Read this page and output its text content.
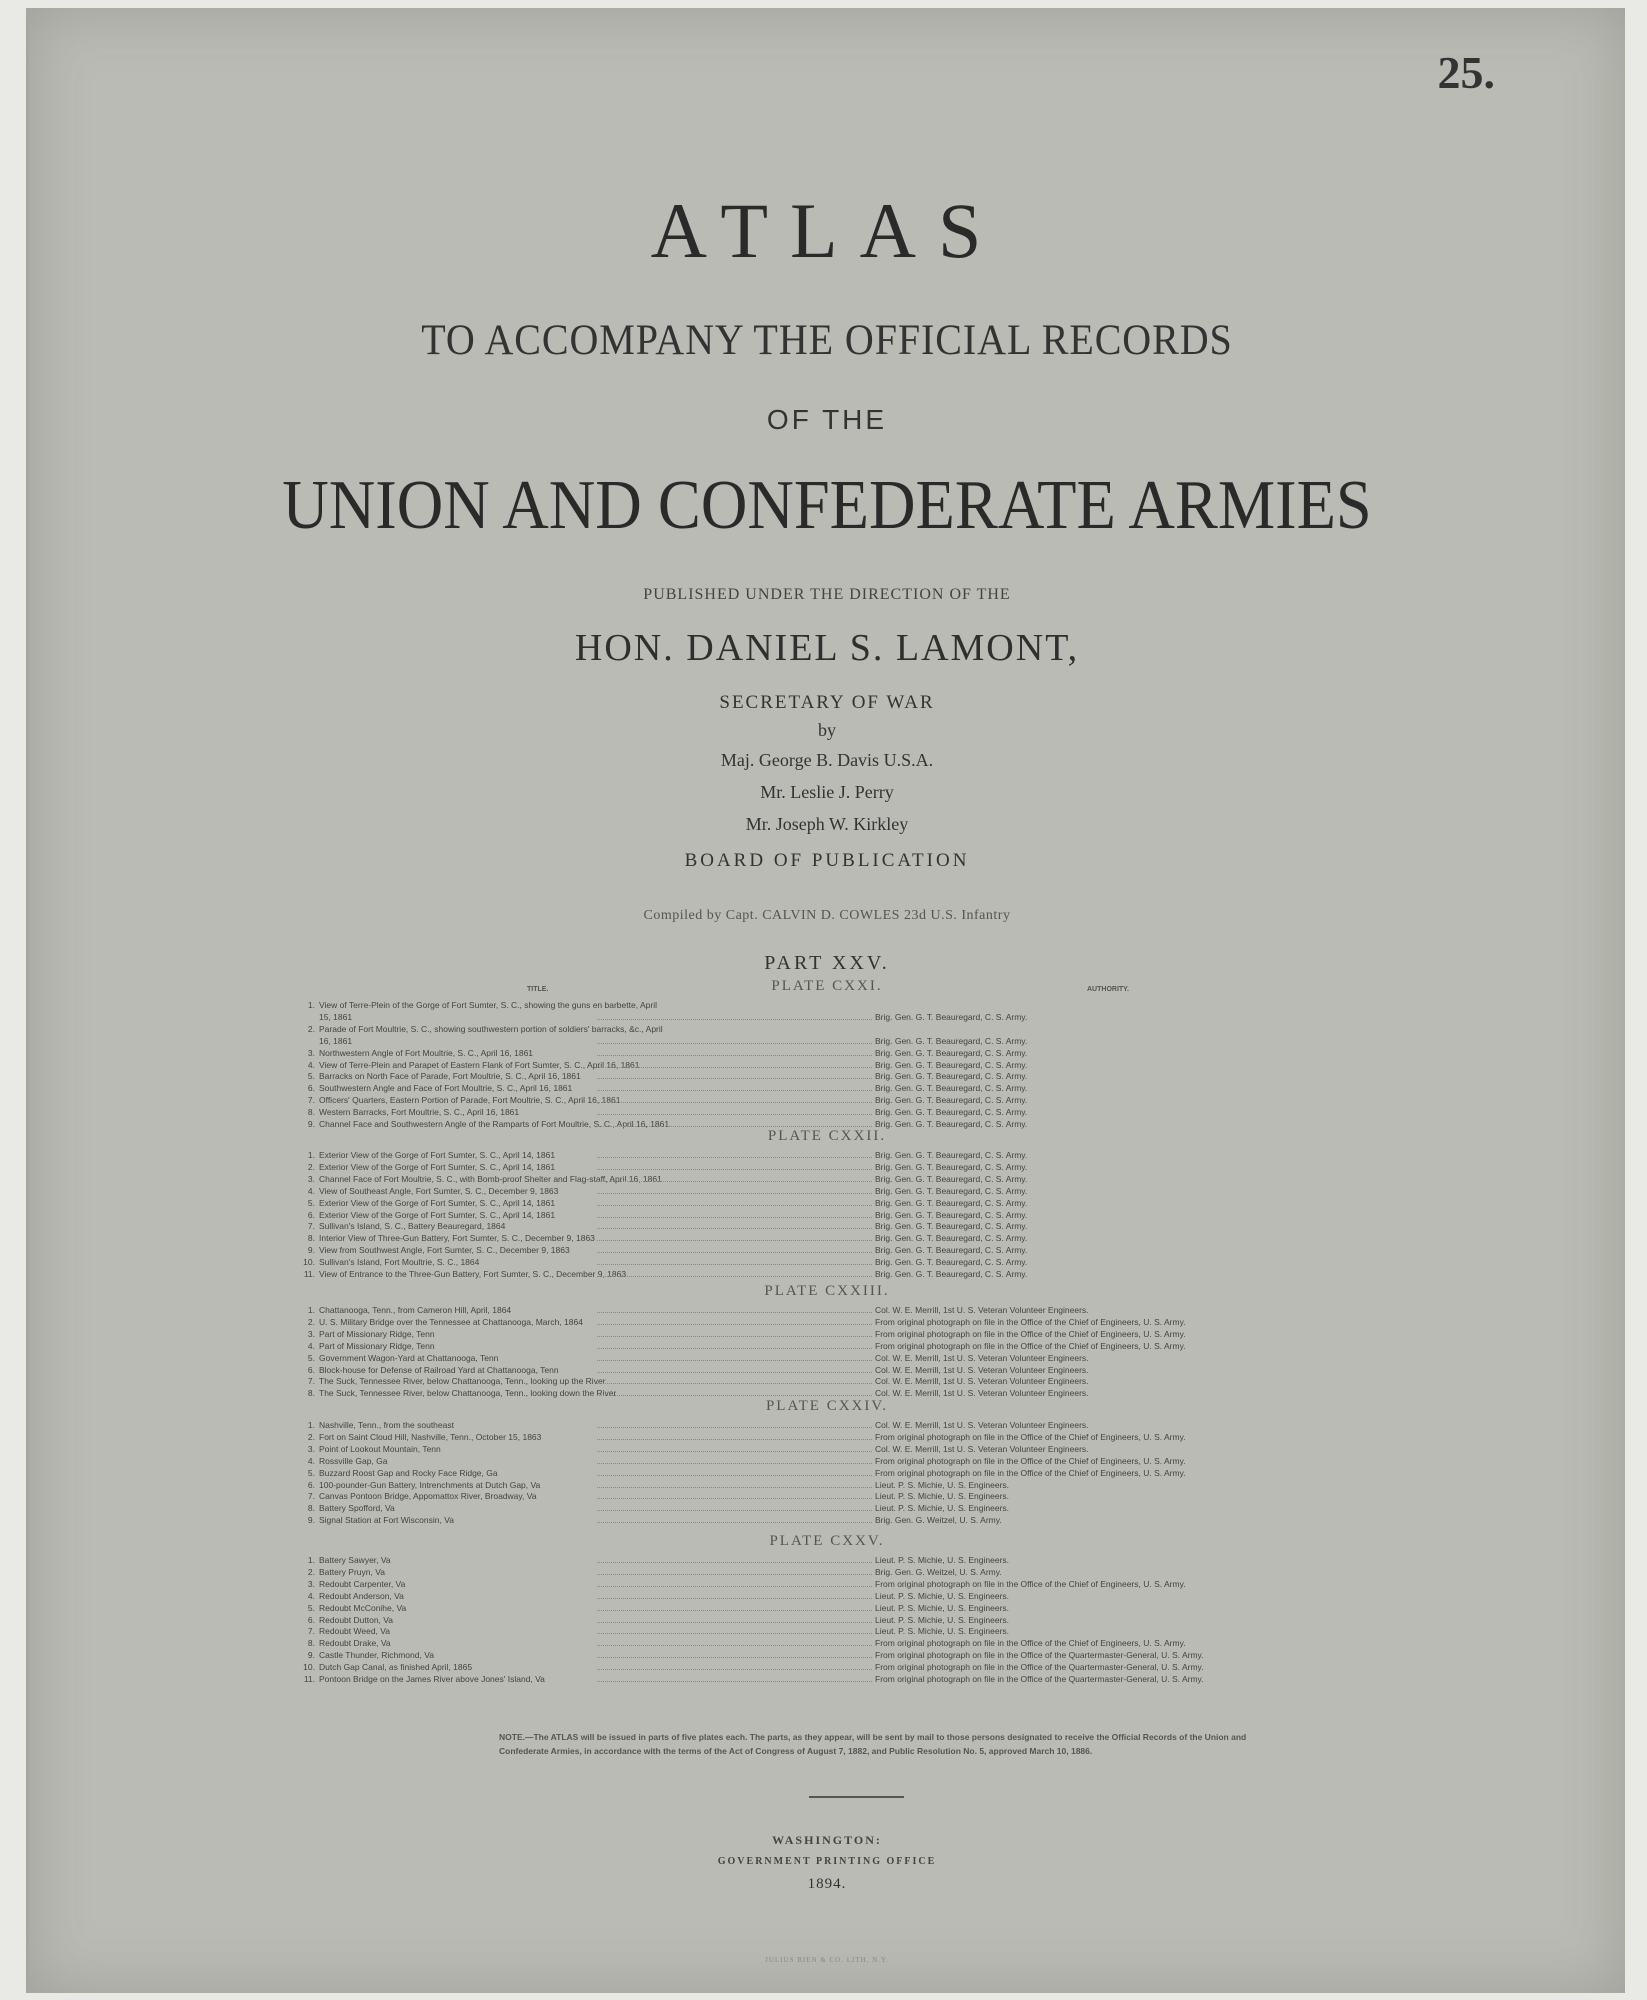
25.
ATLAS
TO ACCOMPANY THE OFFICIAL RECORDS
OF THE
UNION AND CONFEDERATE ARMIES
PUBLISHED UNDER THE DIRECTION OF THE
HON. DANIEL S. LAMONT,
SECRETARY OF WAR
by
Maj. George B. Davis U.S.A.
Mr. Leslie J. Perry
Mr. Joseph W. Kirkley
BOARD OF PUBLICATION
Compiled by Capt. CALVIN D. COWLES 23d U.S. Infantry
PART XXV.
TITLE.	AUTHORITY.
PLATE CXXI.
1. View of Terre-Plein of the Gorge of Fort Sumter, S. C., showing the guns en barbette, April
15, 1861	Brig. Gen. G. T. Beauregard, C. S. Army.
2. Parade of Fort Moultrie, S. C., showing southwestern portion of soldiers' barracks, &c., April
16, 1861	Brig. Gen. G. T. Beauregard, C. S. Army.
3. Northwestern Angle of Fort Moultrie, S. C., April 16, 1861	Brig. Gen. G. T. Beauregard, C. S. Army.
4. View of Terre-Plein and Parapet of Eastern Flank of Fort Sumter, S. C., April 16, 1861	Brig. Gen. G. T. Beauregard, C. S. Army.
5. Barracks on North Face of Parade, Fort Moultrie, S. C., April 16, 1861	Brig. Gen. G. T. Beauregard, C. S. Army.
6. Southwestern Angle and Face of Fort Moultrie, S. C., April 16, 1861	Brig. Gen. G. T. Beauregard, C. S. Army.
7. Officers' Quarters, Eastern Portion of Parade, Fort Moultrie, S. C., April 16, 1861	Brig. Gen. G. T. Beauregard, C. S. Army.
8. Western Barracks, Fort Moultrie, S. C., April 16, 1861	Brig. Gen. G. T. Beauregard, C. S. Army.
9. Channel Face and Southwestern Angle of the Ramparts of Fort Moultrie, S. C., April 16, 1861	Brig. Gen. G. T. Beauregard, C. S. Army.
PLATE CXXII.
1. Exterior View of the Gorge of Fort Sumter, S. C., April 14, 1861	Brig. Gen. G. T. Beauregard, C. S. Army.
2. Exterior View of the Gorge of Fort Sumter, S. C., April 14, 1861	Brig. Gen. G. T. Beauregard, C. S. Army.
3. Channel Face of Fort Moultrie, S. C., with Bomb-proof Shelter and Flag-staff, April 16, 1861	Brig. Gen. G. T. Beauregard, C. S. Army.
4. View of Southeast Angle, Fort Sumter, S. C., December 9, 1863	Brig. Gen. G. T. Beauregard, C. S. Army.
5. Exterior View of the Gorge of Fort Sumter, S. C., April 14, 1861	Brig. Gen. G. T. Beauregard, C. S. Army.
6. Exterior View of the Gorge of Fort Sumter, S. C., April 14, 1861	Brig. Gen. G. T. Beauregard, C. S. Army.
7. Sullivan's Island, S. C., Battery Beauregard, 1864	Brig. Gen. G. T. Beauregard, C. S. Army.
8. Interior View of Three-Gun Battery, Fort Sumter, S. C., December 9, 1863	Brig. Gen. G. T. Beauregard, C. S. Army.
9. View from Southwest Angle, Fort Sumter, S. C., December 9, 1863	Brig. Gen. G. T. Beauregard, C. S. Army.
10. Sullivan's Island, Fort Moultrie, S. C., 1864	Brig. Gen. G. T. Beauregard, C. S. Army.
11. View of Entrance to the Three-Gun Battery, Fort Sumter, S. C., December 9, 1863	Brig. Gen. G. T. Beauregard, C. S. Army.
PLATE CXXIII.
1. Chattanooga, Tenn., from Cameron Hill, April, 1864	Col. W. E. Merrill, 1st U. S. Veteran Volunteer Engineers.
2. U. S. Military Bridge over the Tennessee at Chattanooga, March, 1864	From original photograph on file in the Office of the Chief of Engineers, U. S. Army.
3. Part of Missionary Ridge, Tenn	From original photograph on file in the Office of the Chief of Engineers, U. S. Army.
4. Part of Missionary Ridge, Tenn	From original photograph on file in the Office of the Chief of Engineers, U. S. Army.
5. Government Wagon-Yard at Chattanooga, Tenn	Col. W. E. Merrill, 1st U. S. Veteran Volunteer Engineers.
6. Block-house for Defense of Railroad Yard at Chattanooga, Tenn	Col. W. E. Merrill, 1st U. S. Veteran Volunteer Engineers.
7. The Suck, Tennessee River, below Chattanooga, Tenn., looking up the River	Col. W. E. Merrill, 1st U. S. Veteran Volunteer Engineers.
8. The Suck, Tennessee River, below Chattanooga, Tenn., looking down the River	Col. W. E. Merrill, 1st U. S. Veteran Volunteer Engineers.
PLATE CXXIV.
1. Nashville, Tenn., from the southeast	Col. W. E. Merrill, 1st U. S. Veteran Volunteer Engineers.
2. Fort on Saint Cloud Hill, Nashville, Tenn., October 15, 1863	From original photograph on file in the Office of the Chief of Engineers, U. S. Army.
3. Point of Lookout Mountain, Tenn	Col. W. E. Merrill, 1st U. S. Veteran Volunteer Engineers.
4. Rossville Gap, Ga	From original photograph on file in the Office of the Chief of Engineers, U. S. Army.
5. Buzzard Roost Gap and Rocky Face Ridge, Ga	From original photograph on file in the Office of the Chief of Engineers, U. S. Army.
6. 100-pounder-Gun Battery, Intrenchments at Dutch Gap, Va	Lieut. P. S. Michie, U. S. Engineers.
7. Canvas Pontoon Bridge, Appomattox River, Broadway, Va	Lieut. P. S. Michie, U. S. Engineers.
8. Battery Spofford, Va	Lieut. P. S. Michie, U. S. Engineers.
9. Signal Station at Fort Wisconsin, Va	Brig. Gen. G. Weitzel, U. S. Army.
PLATE CXXV.
1. Battery Sawyer, Va	Lieut. P. S. Michie, U. S. Engineers.
2. Battery Pruyn, Va	Brig. Gen. G. Weitzel, U. S. Army.
3. Redoubt Carpenter, Va	From original photograph on file in the Office of the Chief of Engineers, U. S. Army.
4. Redoubt Anderson, Va	Lieut. P. S. Michie, U. S. Engineers.
5. Redoubt McConihe, Va	Lieut. P. S. Michie, U. S. Engineers.
6. Redoubt Dutton, Va	Lieut. P. S. Michie, U. S. Engineers.
7. Redoubt Weed, Va	Lieut. P. S. Michie, U. S. Engineers.
8. Redoubt Drake, Va	From original photograph on file in the Office of the Chief of Engineers, U. S. Army.
9. Castle Thunder, Richmond, Va	From original photograph on file in the Office of the Quartermaster-General, U. S. Army.
10. Dutch Gap Canal, as finished April, 1865	From original photograph on file in the Office of the Quartermaster-General, U. S. Army.
11. Pontoon Bridge on the James River above Jones' Island, Va	From original photograph on file in the Office of the Quartermaster-General, U. S. Army.
NOTE.—The ATLAS will be issued in parts of five plates each. The parts, as they appear, will be sent by mail to those persons designated to receive the Official Records of the Union and Confederate Armies, in accordance with the terms of the Act of Congress of August 7, 1882, and Public Resolution No. 5, approved March 10, 1886.
WASHINGTON:
GOVERNMENT PRINTING OFFICE
1894.
JULIUS BIEN & CO. LITH. N.Y.
